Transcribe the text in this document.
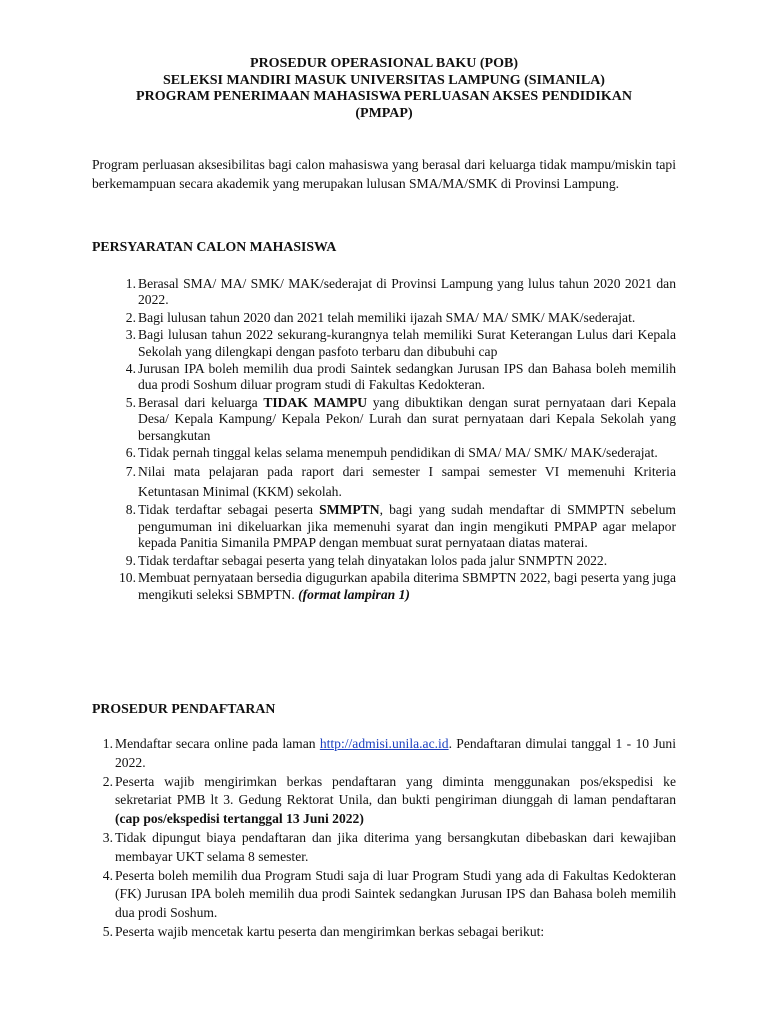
PROSEDUR OPERASIONAL BAKU (POB)
SELEKSI MANDIRI MASUK UNIVERSITAS LAMPUNG (SIMANILA)
PROGRAM PENERIMAAN MAHASISWA PERLUASAN AKSES PENDIDIKAN
(PMPAP)
Program perluasan aksesibilitas bagi calon mahasiswa yang berasal dari keluarga tidak mampu/miskin tapi berkemampuan secara akademik yang merupakan lulusan SMA/MA/SMK di Provinsi Lampung.
PERSYARATAN CALON MAHASISWA
1. Berasal SMA/ MA/ SMK/ MAK/sederajat di Provinsi Lampung yang lulus tahun 2020 2021 dan 2022.
2. Bagi lulusan tahun 2020 dan 2021 telah memiliki ijazah SMA/ MA/ SMK/ MAK/sederajat.
3. Bagi lulusan tahun 2022 sekurang-kurangnya telah memiliki Surat Keterangan Lulus dari Kepala Sekolah yang dilengkapi dengan pasfoto terbaru dan dibubuhi cap
4. Jurusan IPA boleh memilih dua prodi Saintek sedangkan Jurusan IPS dan Bahasa boleh memilih dua prodi Soshum diluar program studi di Fakultas Kedokteran.
5. Berasal dari keluarga TIDAK MAMPU yang dibuktikan dengan surat pernyataan dari Kepala Desa/ Kepala Kampung/ Kepala Pekon/ Lurah dan surat pernyataan dari Kepala Sekolah yang bersangkutan
6. Tidak pernah tinggal kelas selama menempuh pendidikan di SMA/ MA/ SMK/ MAK/sederajat.
7. Nilai mata pelajaran pada raport dari semester I sampai semester VI memenuhi Kriteria Ketuntasan Minimal (KKM) sekolah.
8. Tidak terdaftar sebagai peserta SMMPTN, bagi yang sudah mendaftar di SMMPTN sebelum pengumuman ini dikeluarkan jika memenuhi syarat dan ingin mengikuti PMPAP agar melapor kepada Panitia Simanila PMPAP dengan membuat surat pernyataan diatas materai.
9. Tidak terdaftar sebagai peserta yang telah dinyatakan lolos pada jalur SNMPTN 2022.
10. Membuat pernyataan bersedia digugurkan apabila diterima SBMPTN 2022, bagi peserta yang juga mengikuti seleksi SBMPTN. (format lampiran 1)
PROSEDUR PENDAFTARAN
1. Mendaftar secara online pada laman http://admisi.unila.ac.id. Pendaftaran dimulai tanggal 1 - 10 Juni 2022.
2. Peserta wajib mengirimkan berkas pendaftaran yang diminta menggunakan pos/ekspedisi ke sekretariat PMB lt 3. Gedung Rektorat Unila, dan bukti pengiriman diunggah di laman pendaftaran (cap pos/ekspedisi tertanggal 13 Juni 2022)
3. Tidak dipungut biaya pendaftaran dan jika diterima yang bersangkutan dibebaskan dari kewajiban membayar UKT selama 8 semester.
4. Peserta boleh memilih dua Program Studi saja di luar Program Studi yang ada di Fakultas Kedokteran (FK) Jurusan IPA boleh memilih dua prodi Saintek sedangkan Jurusan IPS dan Bahasa boleh memilih dua prodi Soshum.
5. Peserta wajib mencetak kartu peserta dan mengirimkan berkas sebagai berikut:
